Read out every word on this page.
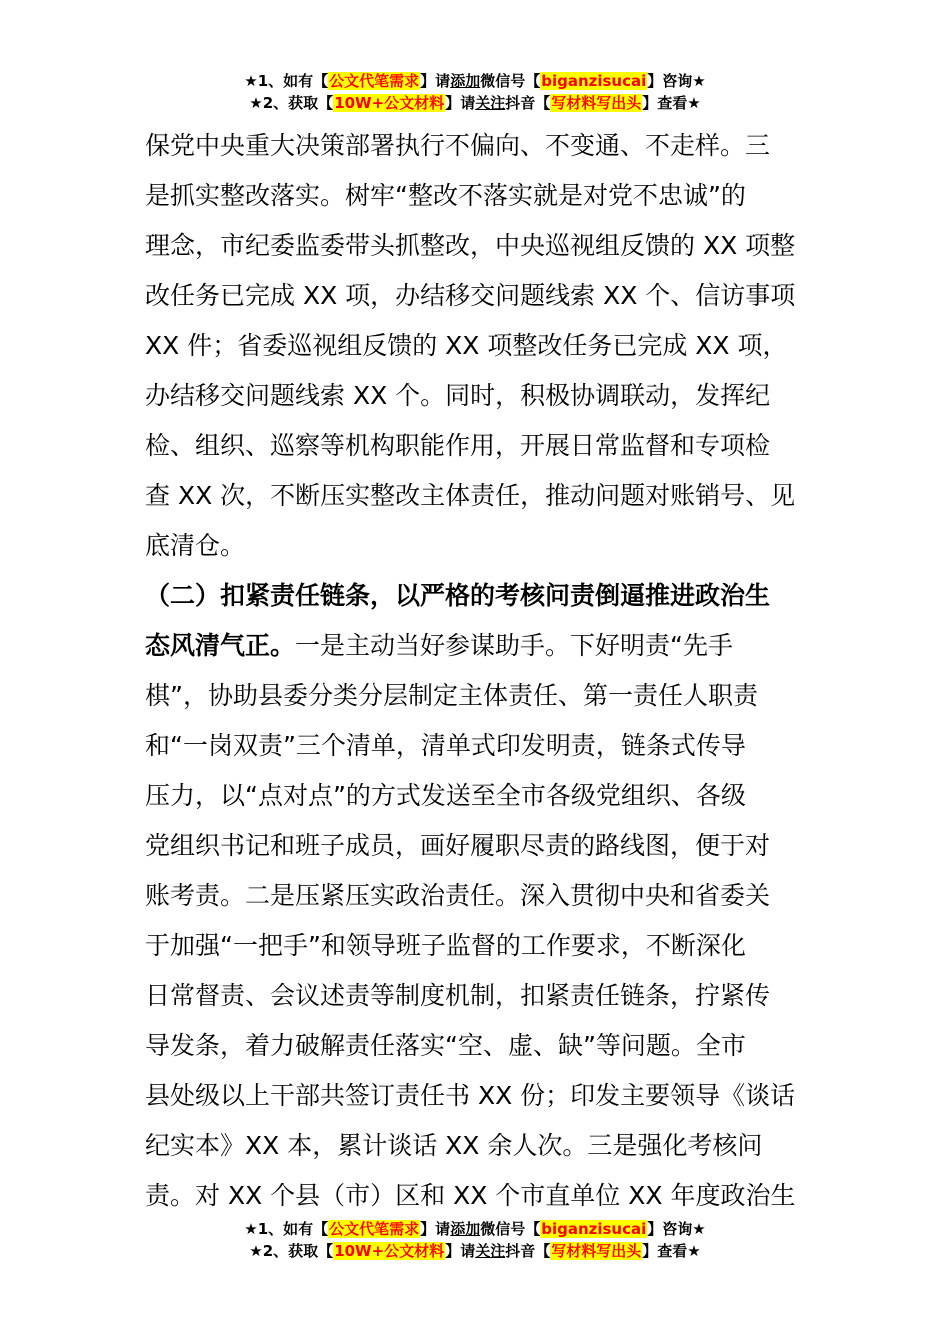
★1、如有【公文代笔需求】请添加微信号【biganzisucai】咨询★
★2、获取【10W+公文材料】请关注抖音【写材料写出头】查看★
保党中央重大决策部署执行不偏向、不变通、不走样。三
是抓实整改落实。树牢“整改不落实就是对党不忠诚”的
理念，市纪委监委带头抓整改，中央巡视组反馈的 XX 项整
改任务已完成 XX 项，办结移交问题线索 XX 个、信访事项
XX 件；省委巡视组反馈的 XX 项整改任务已完成 XX 项，
办结移交问题线索 XX 个。同时，积极协调联动，发挥纪
检、组织、巡察等机构职能作用，开展日常监督和专项检
查 XX 次，不断压实整改主体责任，推动问题对账销号、见
底清仓。
（二）扣紧责任链条，以严格的考核问责倒逼推进政治生
态风清气正。一是主动当好参谋助手。下好明责“先手
棋”，协助县委分类分层制定主体责任、第一责任人职责
和“一岗双责”三个清单，清单式印发明责，链条式传导
压力，以“点对点”的方式发送至全市各级党组织、各级
党组织书记和班子成员，画好履职尽责的路线图，便于对
账考责。二是压紧压实政治责任。深入贯彻中央和省委关
于加强“一把手”和领导班子监督的工作要求，不断深化
日常督责、会议述责等制度机制，扣紧责任链条，拧紧传
导发条，着力破解责任落实“空、虚、缺”等问题。全市
县处级以上干部共签订责任书 XX 份；印发主要领导《谈话
纪实本》XX 本，累计谈话 XX 余人次。三是强化考核问
责。对 XX 个县（市）区和 XX 个市直单位 XX 年度政治生
★1、如有【公文代笔需求】请添加微信号【biganzisucai】咨询★
★2、获取【10W+公文材料】请关注抖音【写材料写出头】查看★
